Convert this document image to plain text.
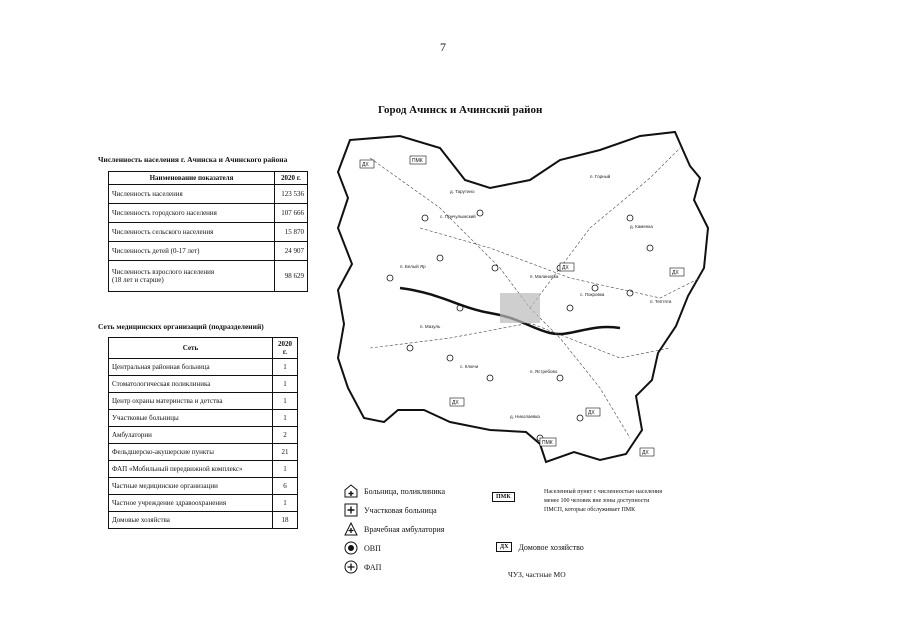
7
Город Ачинск и Ачинский район
Численность населения г. Ачинска и Ачинского района
Наименование показателя	2020 г.
Численность населения	123 536
Численность городского населения	107 666
Численность сельского населения	15 870
Численность детей (0-17 лет)	24 907
Численность взрослого населения
(18 лет и старше)	98 629
Сеть медицинских организаций (подразделений)
Сеть	2020 г.
Центральная районная больница	1
Стоматологическая поликлиника	1
Центр охраны материнства и детства	1
Участковые больницы	1
Амбулатории	2
Фельдшерско-акушерские пункты	21
ФАП «Мобильный передвижной комплекс»	1
Частные медицинские организации	6
Частное учреждение здравоохранения	1
Домовые хозяйства	18
ДХ
ПМК
ДХ
ДХ
ДХ
ДХ
ПМК
ДХ
п. Малиновка
д. Тарутино
п. Белый Яр
с. Покровка
с. Ключи
п. Ястребово
д. Каменка
п. Горный
с. Причулымский
п. Тептяти
д. Николаевка
п. Мазуль
Больница, поликлиника
Участковая больница
Врачебная амбулатория
ОВП
ФАП
ПМК
Населенный пункт с численностью населения менее 100 человек вне зоны доступности ПМСП, которые обслуживает ПМК
ДХ	Домовое хозяйство
ЧУЗ, частные МО
